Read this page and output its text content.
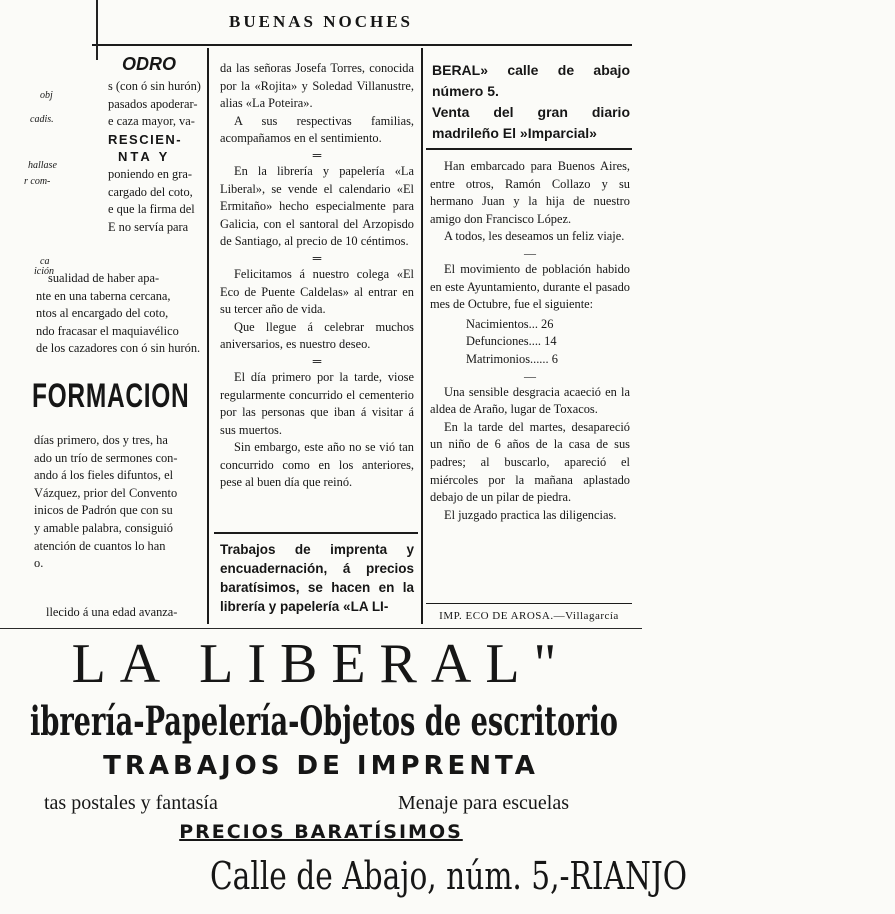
BUENAS NOCHES
ODRO
obj
cadis.
hallase
r com-
ca
ición

s (con ó sin hurón)

pasados apoderar-

e caza mayor, va-

RESCIEN-

NTA Y

poniendo en gra-

cargado del coto,

e que la firma del

E no servía para

sualidad de haber apa-

nte en una taberna cercana,

ntos al encargado del coto,

ndo fracasar el maquiavélico

de los cazadores con ó sin hurón.

FORMACION

días primero, dos y tres, ha

ado un trío de sermones con-

ando á los fieles difuntos, el

Vázquez, prior del Convento

inicos de Padrón que con su

y amable palabra, consiguió

atención de cuantos lo han

o.

llecido á una edad avanza-

da las señoras Josefa Torres, conocida por la «Rojita» y Soledad Villanustre, alias «La Poteira».

A sus respectivas familias, acompañamos en el sentimiento.

═

En la librería y papelería «La Liberal», se vende el calendario «El Ermitaño» hecho especialmente para Galicia, con el santoral del Arzopisdo de Santiago, al precio de 10 céntimos.

═

Felicitamos á nuestro colega «El Eco de Puente Caldelas» al entrar en su tercer año de vida.

Que llegue á celebrar muchos aniversarios, es nuestro deseo.

═

El día primero por la tarde, viose regularmente concurrido el cementerio por las personas que iban á visitar á sus muertos.

Sin embargo, este año no se vió tan concurrido como en los anteriores, pese al buen día que reinó.

Trabajos de imprenta y encuadernación, á precios baratísimos, se hacen en la librería y papelería «LA LI-
BERAL» calle de abajo número 5.
Venta del gran diario madrileño El »Imparcial»

Han embarcado para Buenos Aires, entre otros, Ramón Collazo y su hermano Juan y la hija de nuestro amigo don Francisco López.

A todos, les deseamos un feliz viaje.

—

El movimiento de población habido en este Ayuntamiento, durante el pasado mes de Octubre, fue el siguiente:

Nacimientos... 26
Defunciones.... 14
Matrimonios...... 6
—

Una sensible desgracia acaeció en la aldea de Araño, lugar de Toxacos.

En la tarde del martes, desapareció un niño de 6 años de la casa de sus padres; al buscarlo, apareció el miércoles por la mañana aplastado debajo de un pilar de piedra.

El juzgado practica las diligencias.

IMP. ECO DE AROSA.—Villagarcía
LA LIBERAL"
ibrería-Papelería-Objetos de escritorio
TRABAJOS DE IMPRENTA
tas postales y fantasía	Menaje para escuelas
PRECIOS BARATÍSIMOS
Calle de Abajo, núm. 5,-RIANJO
